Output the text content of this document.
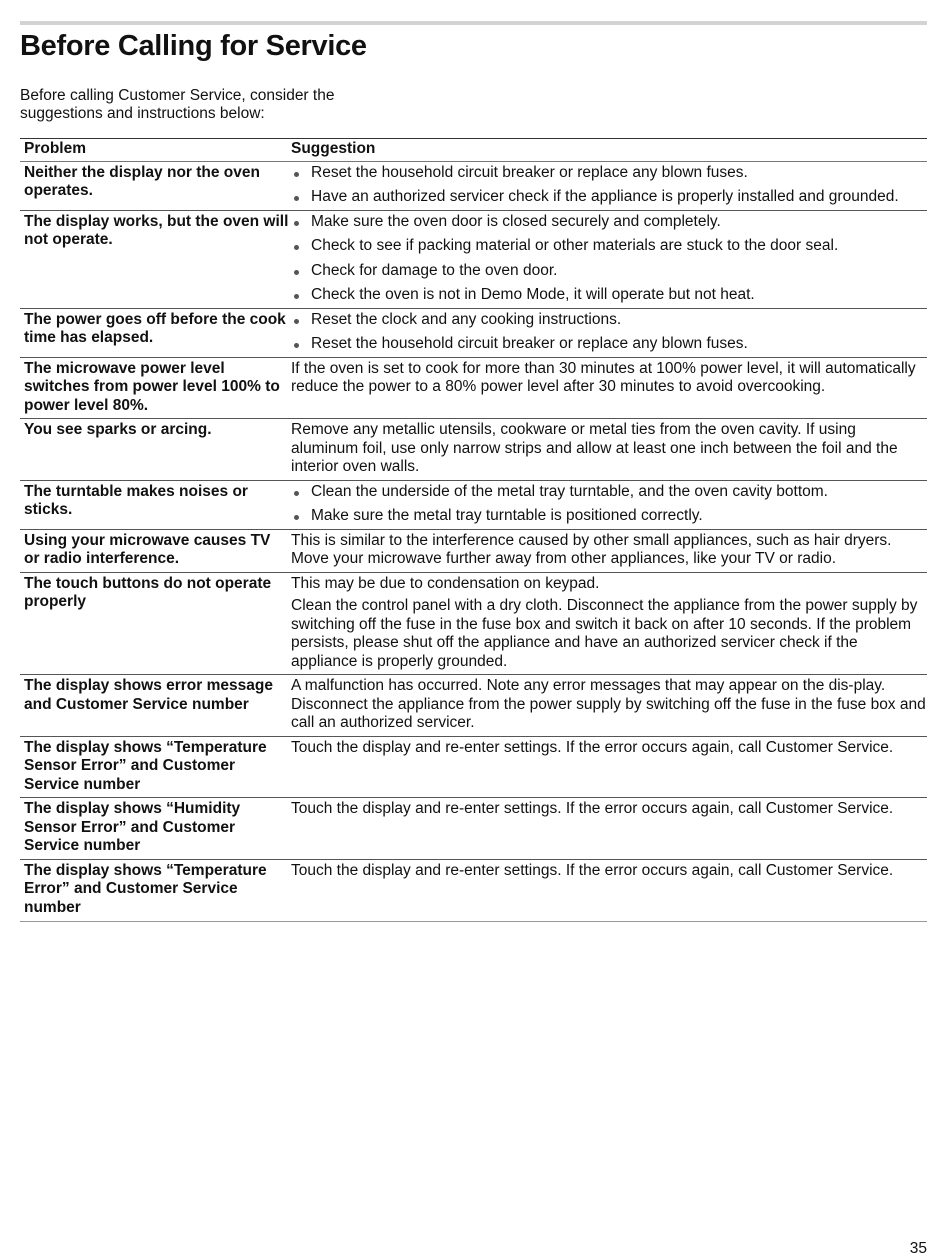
Before Calling for Service

Before calling Customer Service, consider the suggestions and instructions below:

Problem	Suggestion
Neither the display nor the oven operates.
Reset the household circuit breaker or replace any blown fuses.
Have an authorized servicer check if the appliance is properly installed and grounded.
The display works, but the oven will not operate.
Make sure the oven door is closed securely and completely.
Check to see if packing material or other materials are stuck to the door seal.
Check for damage to the oven door.
Check the oven is not in Demo Mode, it will operate but not heat.
The power goes off before the cook time has elapsed.
Reset the clock and any cooking instructions.
Reset the household circuit breaker or replace any blown fuses.
The microwave power level switches from power level 100% to power level 80%.

If the oven is set to cook for more than 30 minutes at 100% power level, it will automatically reduce the power to a 80% power level after 30 minutes to avoid overcooking.

You see sparks or arcing.	Remove any metallic utensils, cookware or metal ties from the oven cavity. If using aluminum foil, use only narrow strips and allow at least one inch between the foil and the interior oven walls.

The turntable makes noises or sticks.
Clean the underside of the metal tray turntable, and the oven cavity bottom.
Make sure the metal tray turntable is positioned correctly.
Using your microwave causes TV or radio interference.

This is similar to the interference caused by other small appliances, such as hair dryers. Move your microwave further away from other appliances, like your TV or radio.

The touch buttons do not operate properly

This may be due to condensation on keypad.

Clean the control panel with a dry cloth. Disconnect the appliance from the power supply by switching off the fuse in the fuse box and switch it back on after 10 seconds. If the problem persists, please shut off the appliance and have an authorized servicer check if the appliance is properly grounded.

The display shows error message and Customer Service number

A malfunction has occurred. Note any error messages that may appear on the dis-play. Disconnect the appliance from the power supply by switching off the fuse in the fuse box and call an authorized servicer.

The display shows “Temperature Sensor Error” and Customer Service number

Touch the display and re-enter settings. If the error occurs again, call Customer Service.

The display shows “Humidity Sensor Error” and Customer Service number

Touch the display and re-enter settings. If the error occurs again, call Customer Service.

The display shows “Temperature Error” and Customer Service number

Touch the display and re-enter settings. If the error occurs again, call Customer Service.

35
